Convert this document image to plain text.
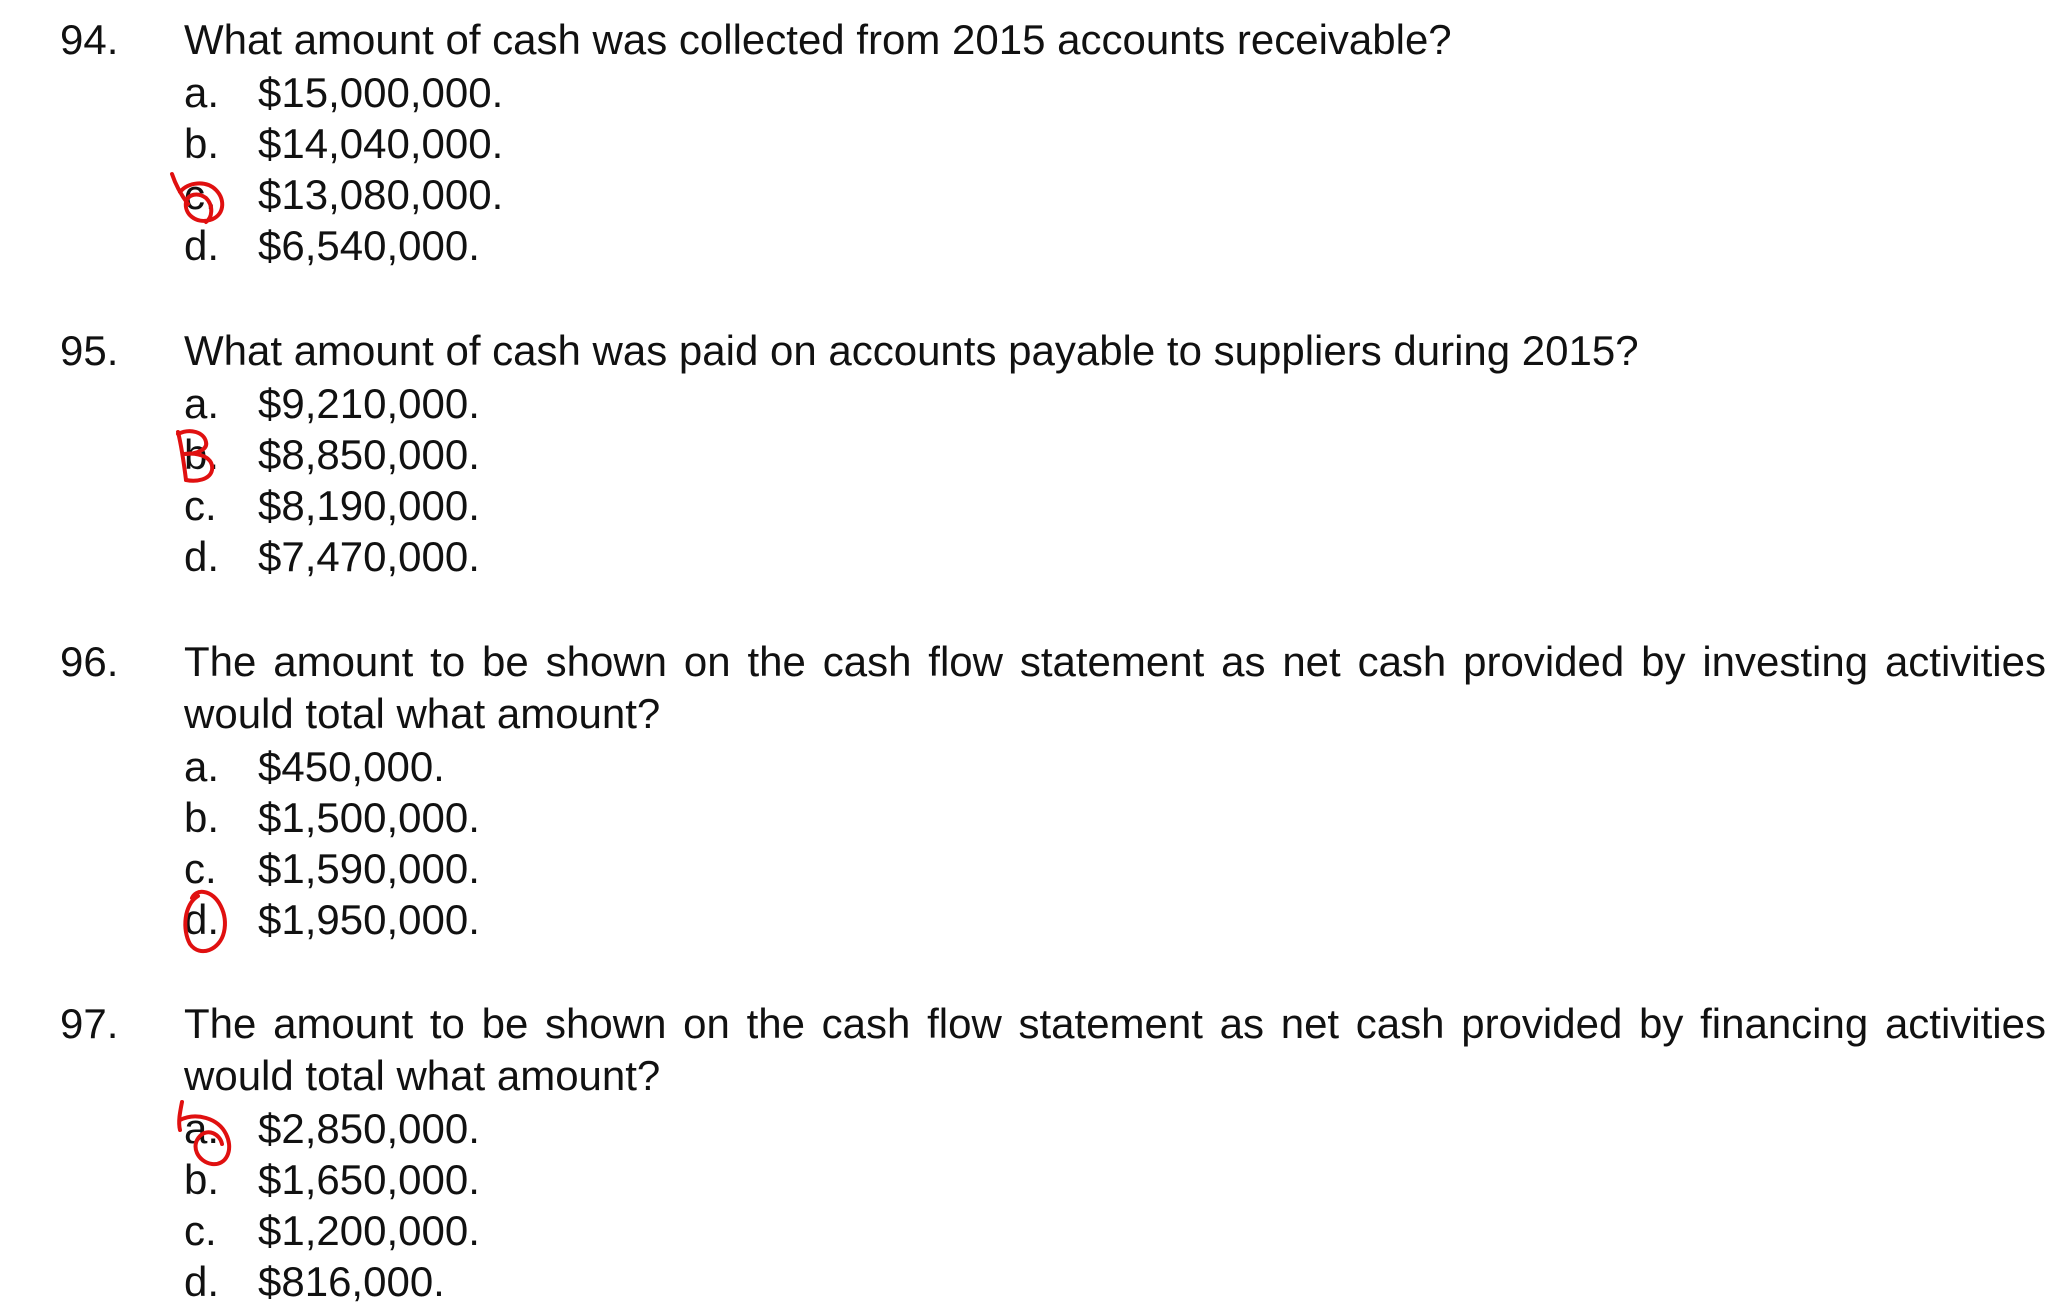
94. What amount of cash was collected from 2015 accounts receivable?
a. $15,000,000.
b. $14,040,000.
c. $13,080,000.
d. $6,540,000.
95. What amount of cash was paid on accounts payable to suppliers during 2015?
a. $9,210,000.
b. $8,850,000.
c. $8,190,000.
d. $7,470,000.
96. The amount to be shown on the cash flow statement as net cash provided by investing activities would total what amount?
a. $450,000.
b. $1,500,000.
c. $1,590,000.
d. $1,950,000.
97. The amount to be shown on the cash flow statement as net cash provided by financing activities would total what amount?
a. $2,850,000.
b. $1,650,000.
c. $1,200,000.
d. $816,000.
